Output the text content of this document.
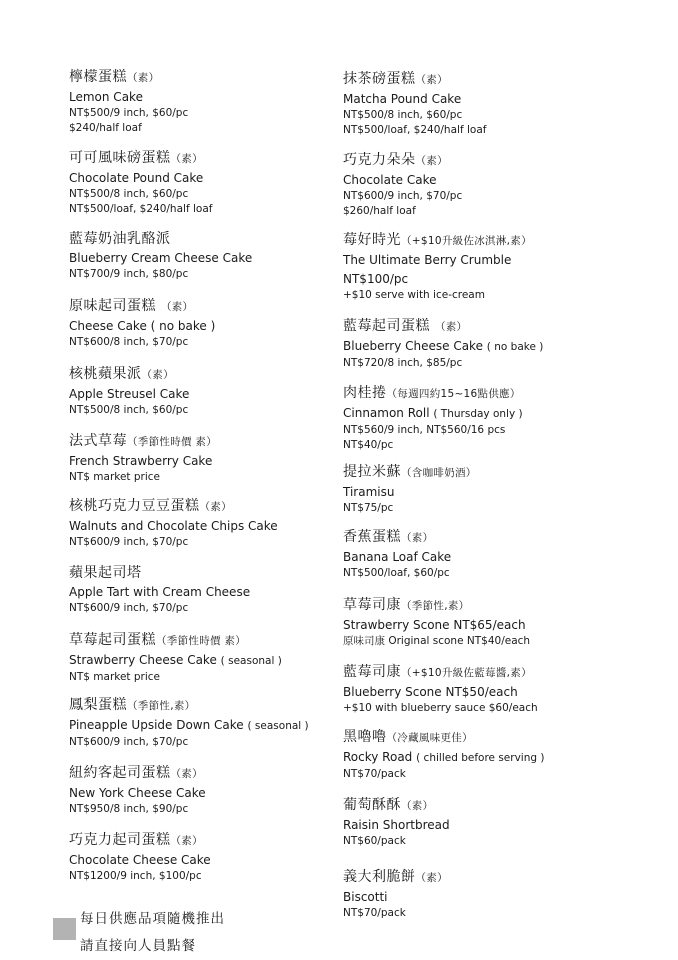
檸檬蛋糕（素）
Lemon Cake
NT$500/9 inch, $60/pc
$240/half loaf
可可風味磅蛋糕（素）
Chocolate Pound Cake
NT$500/8 inch, $60/pc
NT$500/loaf, $240/half loaf
藍莓奶油乳酪派
Blueberry Cream Cheese Cake
NT$700/9 inch, $80/pc
原味起司蛋糕 （素）
Cheese Cake ( no bake )
NT$600/8 inch, $70/pc
核桃蘋果派（素）
Apple Streusel Cake
NT$500/8 inch, $60/pc
法式草莓（季節性時價 素）
French Strawberry Cake
NT$ market price
核桃巧克力豆豆蛋糕（素）
Walnuts and Chocolate Chips Cake
NT$600/9 inch, $70/pc
蘋果起司塔
Apple Tart with Cream Cheese
NT$600/9 inch, $70/pc
草莓起司蛋糕（季節性時價 素）
Strawberry Cheese Cake ( seasonal )
NT$ market price
鳳梨蛋糕（季節性,素）
Pineapple Upside Down Cake ( seasonal )
NT$600/9 inch, $70/pc
紐約客起司蛋糕（素）
New York Cheese Cake
NT$950/8 inch, $90/pc
巧克力起司蛋糕（素）
Chocolate Cheese Cake
NT$1200/9 inch, $100/pc
抹茶磅蛋糕（素）
Matcha Pound Cake
NT$500/8 inch, $60/pc
NT$500/loaf, $240/half loaf
巧克力朵朵（素）
Chocolate Cake
NT$600/9 inch, $70/pc
$260/half loaf
莓好時光（+$10升級佐冰淇淋,素）
The Ultimate Berry Crumble
NT$100/pc
+$10 serve with ice-cream
藍莓起司蛋糕 （素）
Blueberry Cheese Cake ( no bake )
NT$720/8 inch, $85/pc
肉桂捲（每週四約15~16點供應）
Cinnamon Roll ( Thursday only )
NT$560/9 inch, NT$560/16 pcs
NT$40/pc
提拉米蘇（含咖啡奶酒）
Tiramisu
NT$75/pc
香蕉蛋糕（素）
Banana Loaf Cake
NT$500/loaf, $60/pc
草莓司康（季節性,素）
Strawberry Scone NT$65/each
原味司康 Original scone NT$40/each
藍莓司康（+$10升級佐藍莓醬,素）
Blueberry Scone NT$50/each
+$10 with blueberry sauce $60/each
黑嚕嚕（冷藏風味更佳）
Rocky Road ( chilled before serving )
NT$70/pack
葡萄酥酥（素）
Raisin Shortbread
NT$60/pack
義大利脆餅（素）
Biscotti
NT$70/pack
每日供應品項隨機推出
請直接向人員點餐
